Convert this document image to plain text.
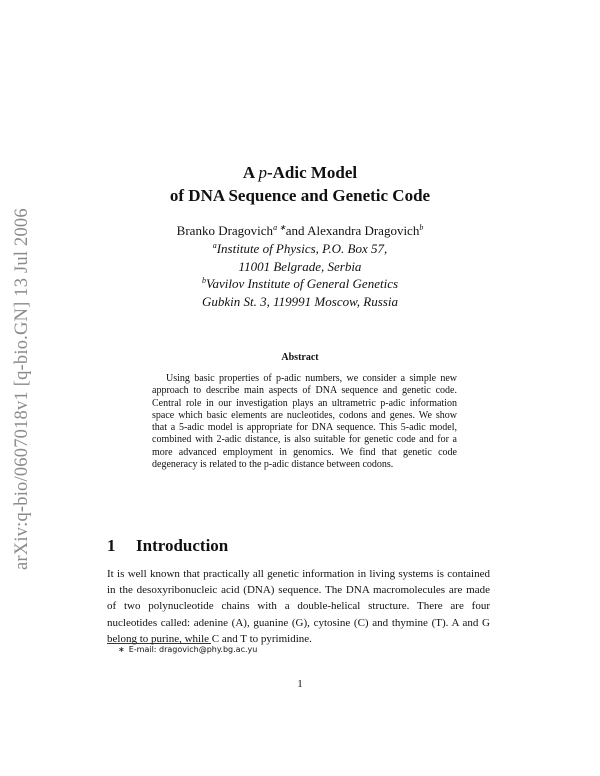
arXiv:q-bio/0607018v1 [q-bio.GN] 13 Jul 2006
A p-Adic Model
of DNA Sequence and Genetic Code
Branko Dragovich$^{a ∗}$and Alexandra Dragovich$^b$
$^a$Institute of Physics, P.O. Box 57,
11001 Belgrade, Serbia
$^b$Vavilov Institute of General Genetics
Gubkin St. 3, 119991 Moscow, Russia
Abstract

Using basic properties of p-adic numbers, we consider a simple new approach to describe main aspects of DNA sequence and genetic code. Central role in our investigation plays an ultrametric p-adic information space which basic elements are nucleotides, codons and genes. We show that a 5-adic model is appropriate for DNA sequence. This 5-adic model, combined with 2-adic distance, is also suitable for genetic code and for a more advanced employment in genomics. We find that genetic code degeneracy is related to the p-adic distance between codons.

1 Introduction

It is well known that practically all genetic information in living systems is contained in the desoxyribonucleic acid (DNA) sequence. The DNA macromolecules are made of two polynucleotide chains with a double-helical structure. There are four nucleotides called: adenine (A), guanine (G), cytosine (C) and thymine (T). A and G belong to purine, while C and T to pyrimidine.

∗ E-mail: dragovich@phy.bg.ac.yu
1
